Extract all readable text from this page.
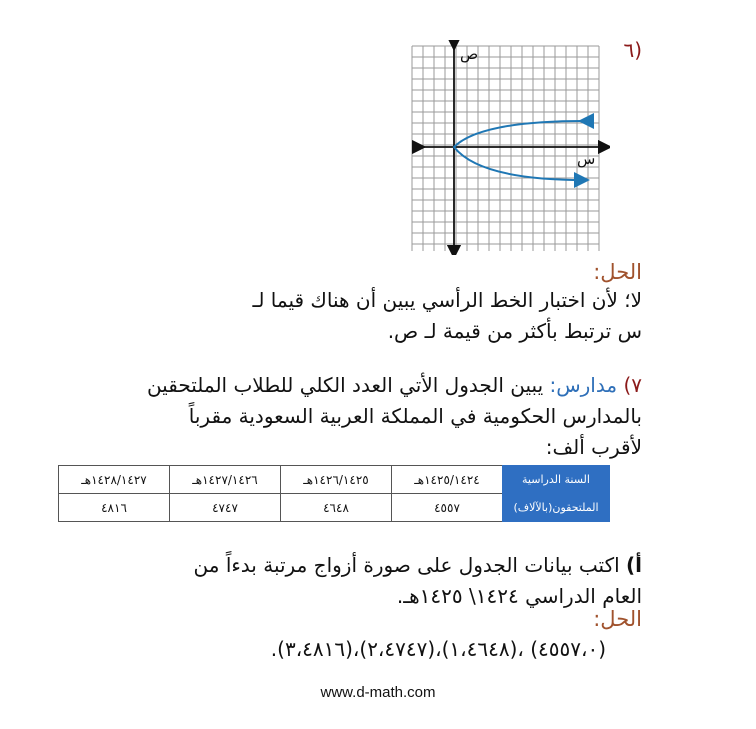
٦)
ص
س
الحل:
لا؛ لأن اختبار الخط الرأسي يبين أن هناك قيما لـ
س ترتبط بأكثر من قيمة لـ ص.
٧) مدارس: يبين الجدول الأتي العدد الكلي للطلاب الملتحقين
بالمدارس الحكومية في المملكة العربية السعودية مقرباً
لأقرب ألف:
السنة الدراسية	١٤٢٥/١٤٢٤هـ	١٤٢٦/١٤٢٥هـ	١٤٢٧/١٤٢٦هـ	١٤٢٨/١٤٢٧هـ
الملتحقون(بالآلاف)	٤٥٥٧	٤٦٤٨	٤٧٤٧	٤٨١٦
أ) اكتب بيانات الجدول على صورة أزواج مرتبة بدءاً من
العام الدراسي ١٤٢٤\ ١٤٢٥هـ.
الحل:
(٤٥٥٧،٠) ،(١،٤٦٤٨)،(٢،٤٧٤٧)،(٣،٤٨١٦).
www.d-math.com
